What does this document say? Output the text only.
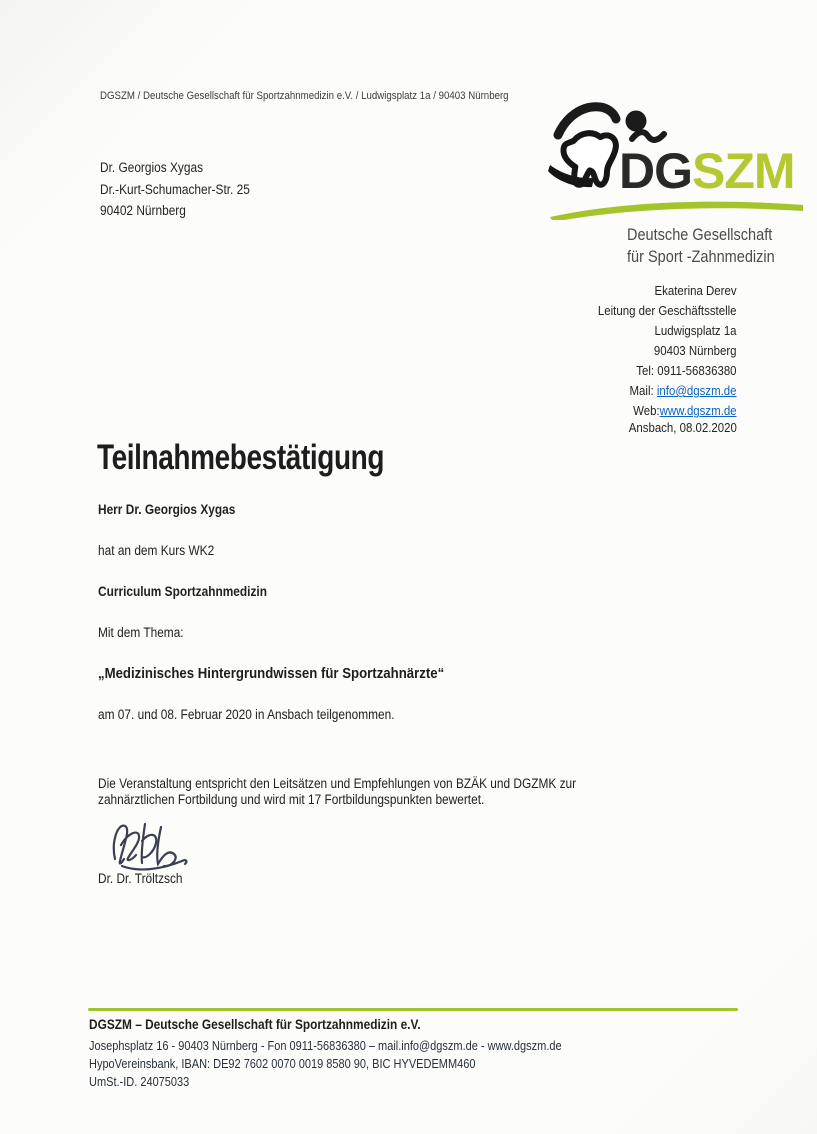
DGSZM / Deutsche Gesellschaft für Sportzahnmedizin e.V. / Ludwigsplatz 1a / 90403 Nürnberg
Dr. Georgios Xygas
Dr.-Kurt-Schumacher-Str. 25
90402 Nürnberg
DGSZM
Deutsche Gesellschaft
für Sport -Zahnmedizin
Ekaterina Derev
Leitung der Geschäftsstelle
Ludwigsplatz 1a
90403 Nürnberg
Tel: 0911-56836380
Mail: info@dgszm.de
Web:www.dgszm.de
Ansbach, 08.02.2020
Teilnahmebestätigung
Herr Dr. Georgios Xygas
hat an dem Kurs WK2
Curriculum Sportzahnmedizin
Mit dem Thema:
„Medizinisches Hintergrundwissen für Sportzahnärzte“
am 07. und 08. Februar 2020 in Ansbach teilgenommen.
Die Veranstaltung entspricht den Leitsätzen und Empfehlungen von BZÄK und DGZMK zur
zahnärztlichen Fortbildung und wird mit 17 Fortbildungspunkten bewertet.
Dr. Dr. Tröltzsch
DGSZM – Deutsche Gesellschaft für Sportzahnmedizin e.V.
Josephsplatz 16 - 90403 Nürnberg - Fon 0911-56836380 – mail.info@dgszm.de - www.dgszm.de
HypoVereinsbank, IBAN: DE92 7602 0070 0019 8580 90, BIC HYVEDEMM460
UmSt.-ID. 24075033
